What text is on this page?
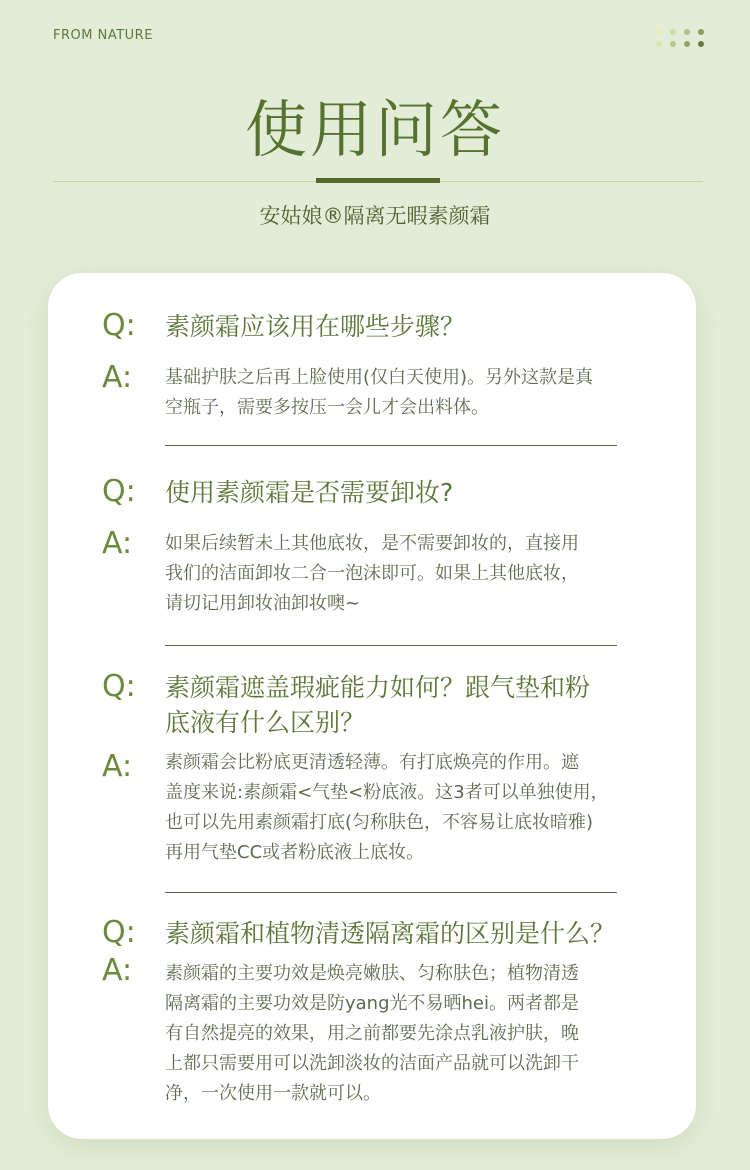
FROM NATURE
使用问答
安姑娘®隔离无暇素颜霜
Q: 素颜霜应该用在哪些步骤？
A: 基础护肤之后再上脸使用(仅白天使用)。另外这款是真
空瓶子，需要多按压一会儿才会出料体。
Q: 使用素颜霜是否需要卸妆?
A: 如果后续暂未上其他底妆，是不需要卸妆的，直接用
我们的洁面卸妆二合一泡沫即可。如果上其他底妆，
请切记用卸妆油卸妆噢~
Q: 素颜霜遮盖瑕疵能力如何？跟气垫和粉
底液有什么区别？
A: 素颜霜会比粉底更清透轻薄。有打底焕亮的作用。遮
盖度来说:素颜霜<气垫<粉底液。这3者可以单独使用，
也可以先用素颜霜打底(匀称肤色，不容易让底妆暗雅)
再用气垫CC或者粉底液上底妆。
Q: 素颜霜和植物清透隔离霜的区别是什么？
A: 素颜霜的主要功效是焕亮嫩肤、匀称肤色；植物清透
隔离霜的主要功效是防yang光不易晒hei。两者都是
有自然提亮的效果，用之前都要先涂点乳液护肤，晚
上都只需要用可以洗卸淡妆的洁面产品就可以洗卸干
净，一次使用一款就可以。
